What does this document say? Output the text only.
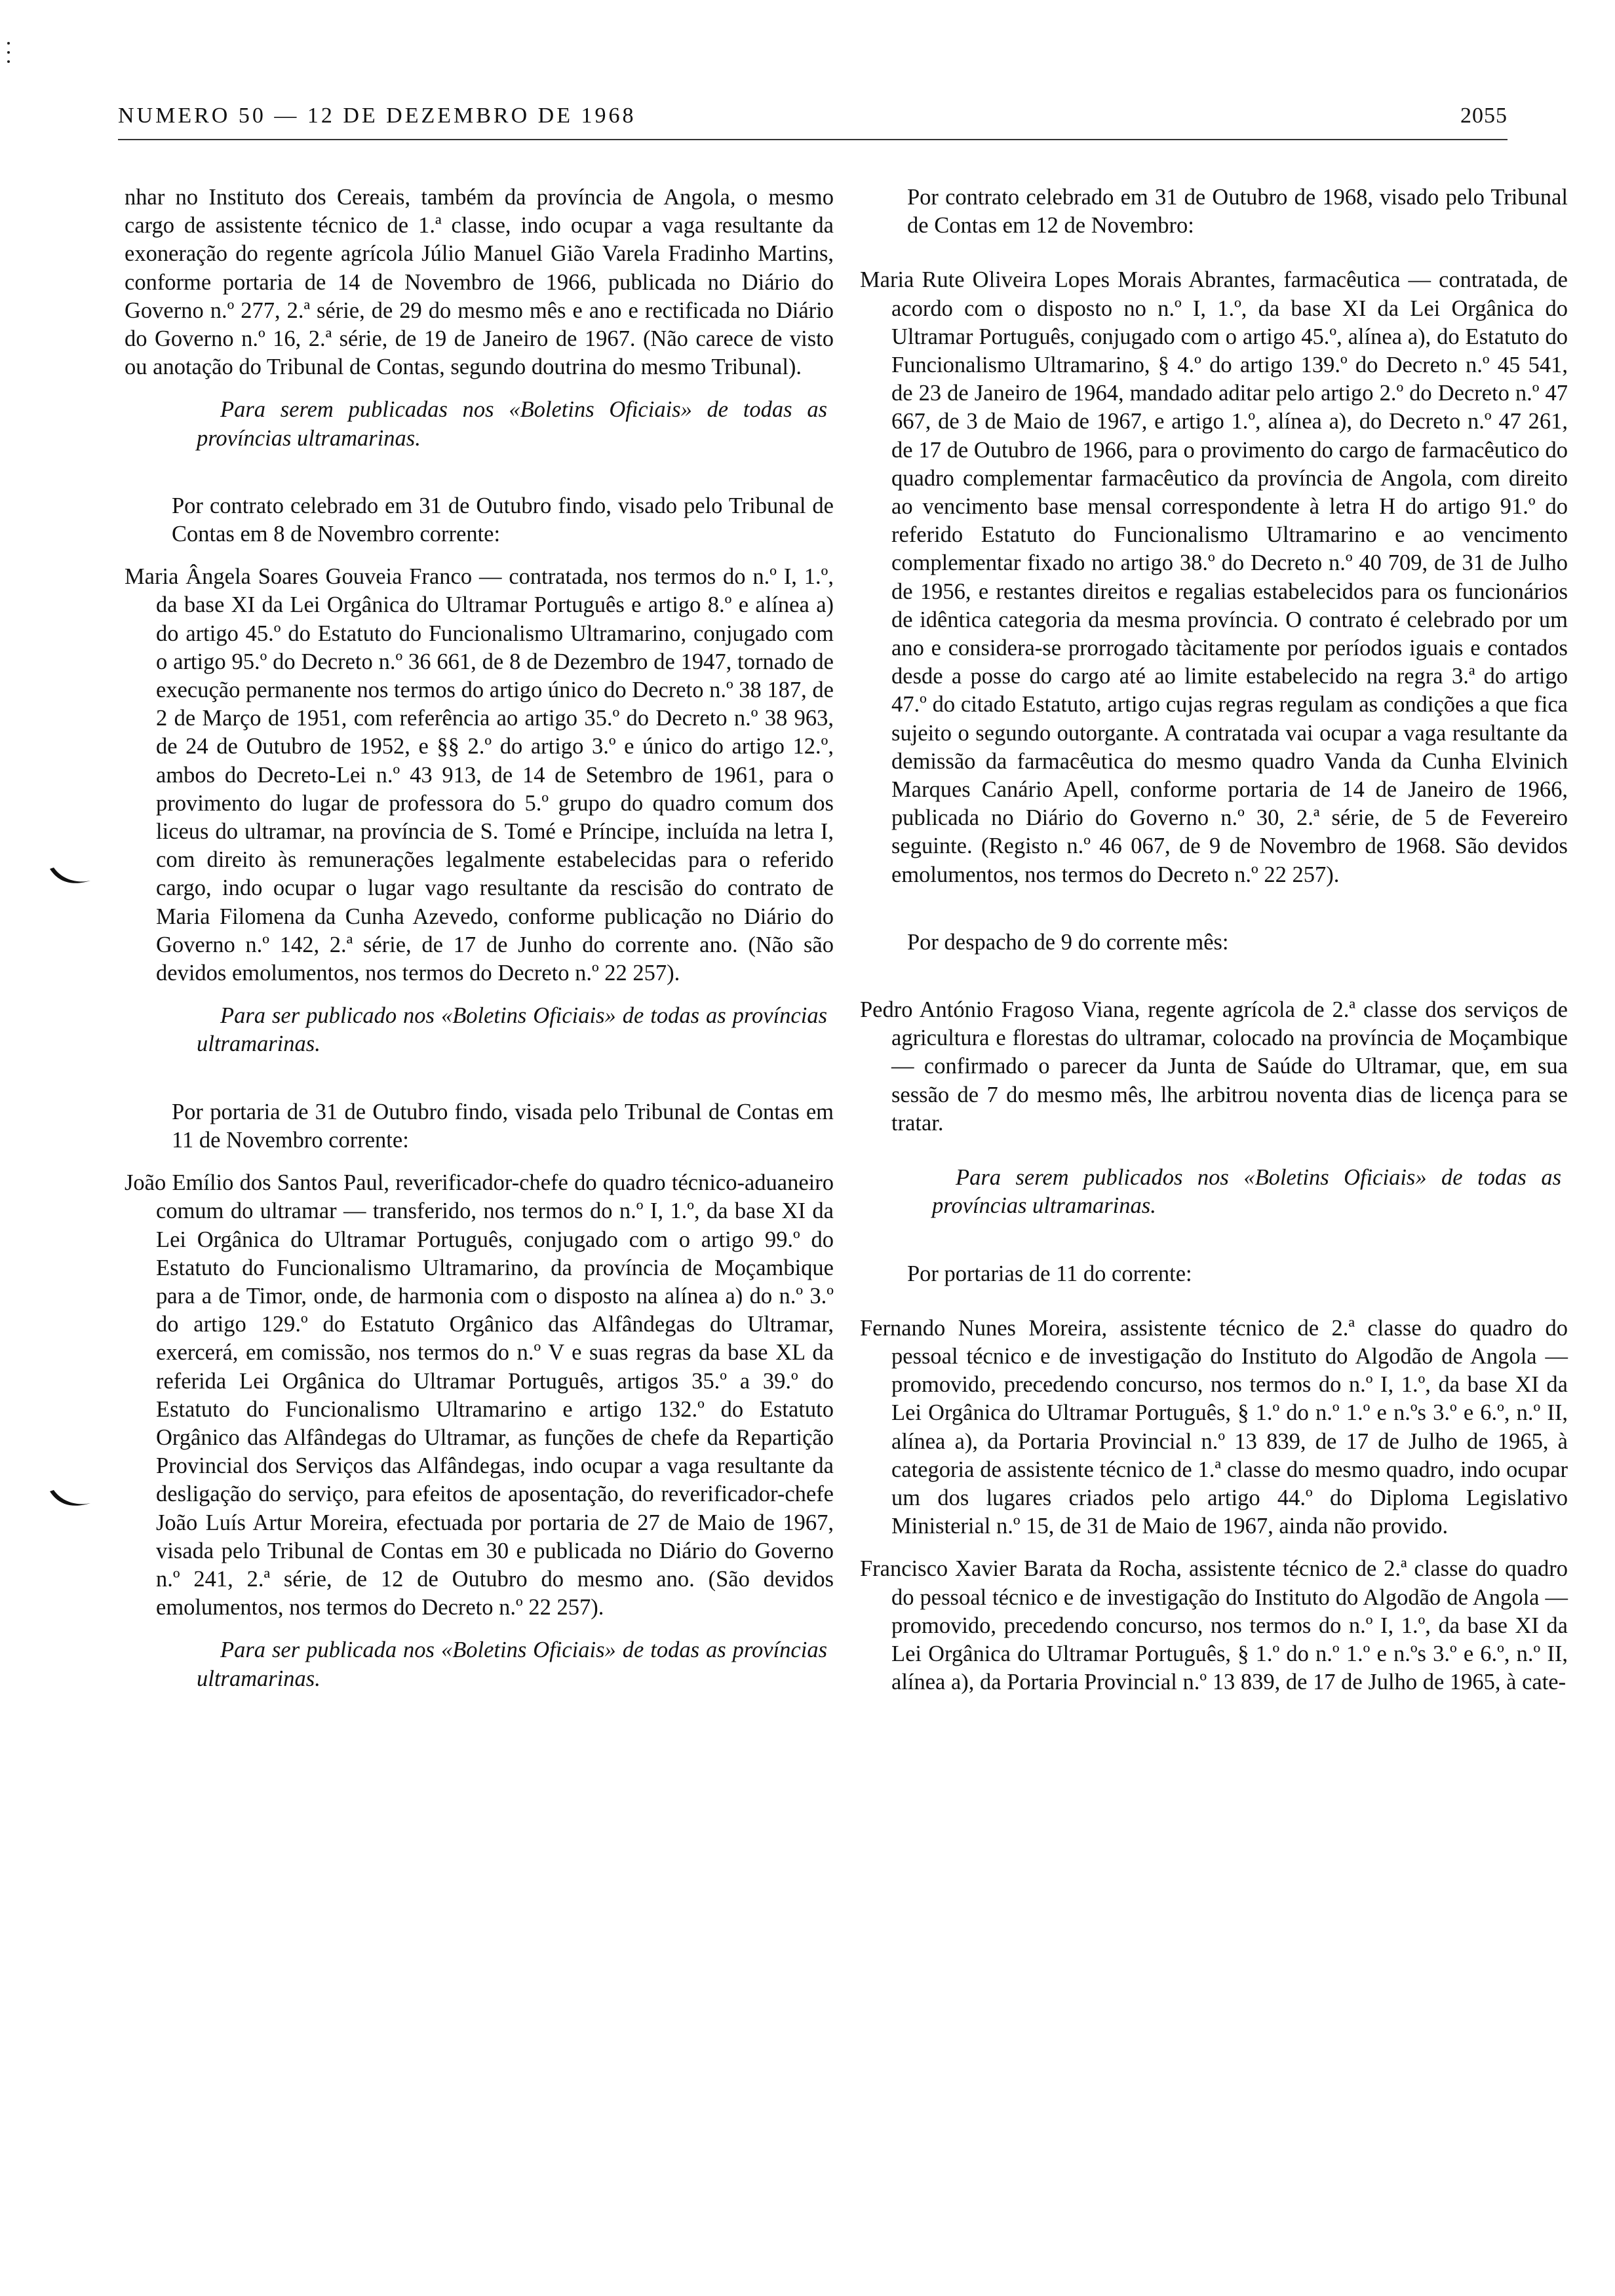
NUMERO 50 — 12 DE DEZEMBRO DE 1968	2055

nhar no Instituto dos Cereais, também da província de Angola, o mesmo cargo de assistente técnico de 1.ª classe, indo ocupar a vaga resultante da exoneração do regente agrícola Júlio Manuel Gião Varela Fradinho Martins, conforme portaria de 14 de Novembro de 1966, publicada no Diário do Governo n.º 277, 2.ª série, de 29 do mesmo mês e ano e rectificada no Diário do Governo n.º 16, 2.ª série, de 19 de Janeiro de 1967. (Não carece de visto ou anotação do Tribunal de Contas, segundo doutrina do mesmo Tribunal).

Para serem publicadas nos «Boletins Oficiais» de todas as províncias ultramarinas.

Por contrato celebrado em 31 de Outubro findo, visado pelo Tribunal de Contas em 8 de Novembro corrente:

Maria Ângela Soares Gouveia Franco — contratada, nos termos do n.º I, 1.º, da base XI da Lei Orgânica do Ultramar Português e artigo 8.º e alínea a) do artigo 45.º do Estatuto do Funcionalismo Ultramarino, conjugado com o artigo 95.º do Decreto n.º 36 661, de 8 de Dezembro de 1947, tornado de execução permanente nos termos do artigo único do Decreto n.º 38 187, de 2 de Março de 1951, com referência ao artigo 35.º do Decreto n.º 38 963, de 24 de Outubro de 1952, e §§ 2.º do artigo 3.º e único do artigo 12.º, ambos do Decreto-Lei n.º 43 913, de 14 de Setembro de 1961, para o provimento do lugar de professora do 5.º grupo do quadro comum dos liceus do ultramar, na província de S. Tomé e Príncipe, incluída na letra I, com direito às remunerações legalmente estabelecidas para o referido cargo, indo ocupar o lugar vago resultante da rescisão do contrato de Maria Filomena da Cunha Azevedo, conforme publicação no Diário do Governo n.º 142, 2.ª série, de 17 de Junho do corrente ano. (Não são devidos emolumentos, nos termos do Decreto n.º 22 257).

Para ser publicado nos «Boletins Oficiais» de todas as províncias ultramarinas.

Por portaria de 31 de Outubro findo, visada pelo Tribunal de Contas em 11 de Novembro corrente:

João Emílio dos Santos Paul, reverificador-chefe do quadro técnico-aduaneiro comum do ultramar — transferido, nos termos do n.º I, 1.º, da base XI da Lei Orgânica do Ultramar Português, conjugado com o artigo 99.º do Estatuto do Funcionalismo Ultramarino, da província de Moçambique para a de Timor, onde, de harmonia com o disposto na alínea a) do n.º 3.º do artigo 129.º do Estatuto Orgânico das Alfândegas do Ultramar, exercerá, em comissão, nos termos do n.º V e suas regras da base XL da referida Lei Orgânica do Ultramar Português, artigos 35.º a 39.º do Estatuto do Funcionalismo Ultramarino e artigo 132.º do Estatuto Orgânico das Alfândegas do Ultramar, as funções de chefe da Repartição Provincial dos Serviços das Alfândegas, indo ocupar a vaga resultante da desligação do serviço, para efeitos de aposentação, do reverificador-chefe João Luís Artur Moreira, efectuada por portaria de 27 de Maio de 1967, visada pelo Tribunal de Contas em 30 e publicada no Diário do Governo n.º 241, 2.ª série, de 12 de Outubro do mesmo ano. (São devidos emolumentos, nos termos do Decreto n.º 22 257).

Para ser publicada nos «Boletins Oficiais» de todas as províncias ultramarinas.

Por contrato celebrado em 31 de Outubro de 1968, visado pelo Tribunal de Contas em 12 de Novembro:

Maria Rute Oliveira Lopes Morais Abrantes, farmacêutica — contratada, de acordo com o disposto no n.º I, 1.º, da base XI da Lei Orgânica do Ultramar Português, conjugado com o artigo 45.º, alínea a), do Estatuto do Funcionalismo Ultramarino, § 4.º do artigo 139.º do Decreto n.º 45 541, de 23 de Janeiro de 1964, mandado aditar pelo artigo 2.º do Decreto n.º 47 667, de 3 de Maio de 1967, e artigo 1.º, alínea a), do Decreto n.º 47 261, de 17 de Outubro de 1966, para o provimento do cargo de farmacêutico do quadro complementar farmacêutico da província de Angola, com direito ao vencimento base mensal correspondente à letra H do artigo 91.º do referido Estatuto do Funcionalismo Ultramarino e ao vencimento complementar fixado no artigo 38.º do Decreto n.º 40 709, de 31 de Julho de 1956, e restantes direitos e regalias estabelecidos para os funcionários de idêntica categoria da mesma província. O contrato é celebrado por um ano e considera-se prorrogado tàcitamente por períodos iguais e contados desde a posse do cargo até ao limite estabelecido na regra 3.ª do artigo 47.º do citado Estatuto, artigo cujas regras regulam as condições a que fica sujeito o segundo outorgante. A contratada vai ocupar a vaga resultante da demissão da farmacêutica do mesmo quadro Vanda da Cunha Elvinich Marques Canário Apell, conforme portaria de 14 de Janeiro de 1966, publicada no Diário do Governo n.º 30, 2.ª série, de 5 de Fevereiro seguinte. (Registo n.º 46 067, de 9 de Novembro de 1968. São devidos emolumentos, nos termos do Decreto n.º 22 257).

Por despacho de 9 do corrente mês:

Pedro António Fragoso Viana, regente agrícola de 2.ª classe dos serviços de agricultura e florestas do ultramar, colocado na província de Moçambique — confirmado o parecer da Junta de Saúde do Ultramar, que, em sua sessão de 7 do mesmo mês, lhe arbitrou noventa dias de licença para se tratar.

Para serem publicados nos «Boletins Oficiais» de todas as províncias ultramarinas.

Por portarias de 11 do corrente:

Fernando Nunes Moreira, assistente técnico de 2.ª classe do quadro do pessoal técnico e de investigação do Instituto do Algodão de Angola — promovido, precedendo concurso, nos termos do n.º I, 1.º, da base XI da Lei Orgânica do Ultramar Português, § 1.º do n.º 1.º e n.ºs 3.º e 6.º, n.º II, alínea a), da Portaria Provincial n.º 13 839, de 17 de Julho de 1965, à categoria de assistente técnico de 1.ª classe do mesmo quadro, indo ocupar um dos lugares criados pelo artigo 44.º do Diploma Legislativo Ministerial n.º 15, de 31 de Maio de 1967, ainda não provido.

Francisco Xavier Barata da Rocha, assistente técnico de 2.ª classe do quadro do pessoal técnico e de investigação do Instituto do Algodão de Angola — promovido, precedendo concurso, nos termos do n.º I, 1.º, da base XI da Lei Orgânica do Ultramar Português, § 1.º do n.º 1.º e n.ºs 3.º e 6.º, n.º II, alínea a), da Portaria Provincial n.º 13 839, de 17 de Julho de 1965, à cate-
